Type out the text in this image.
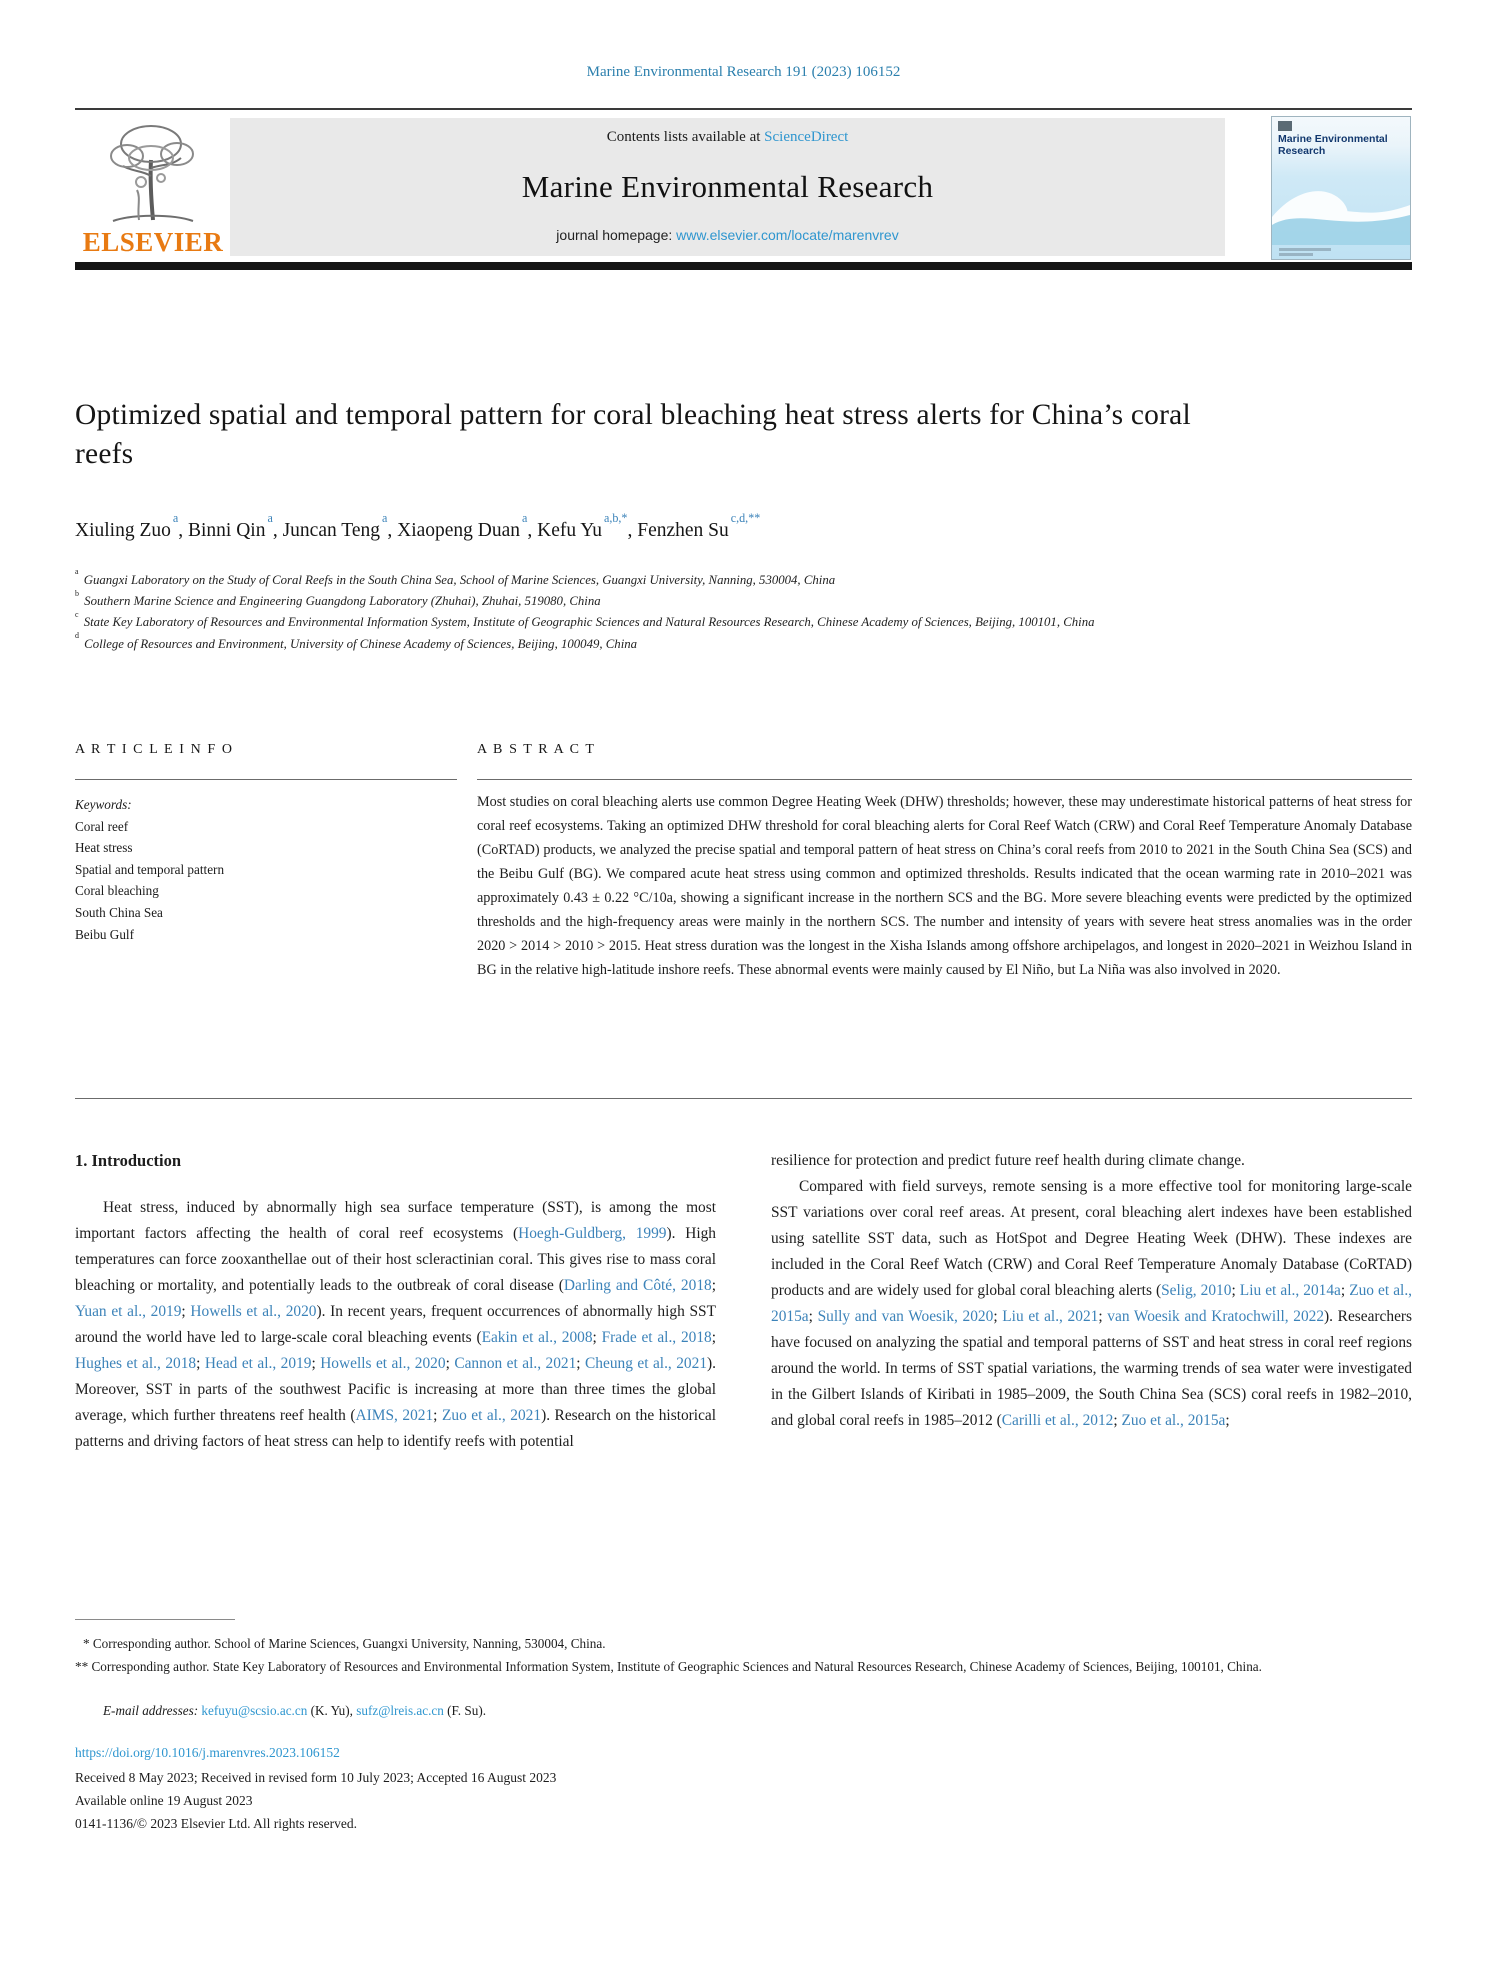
Marine Environmental Research 191 (2023) 106152
ELSEVIER
Contents lists available at ScienceDirect
Marine Environmental Research
journal homepage: www.elsevier.com/locate/marenvrev
Marine Environmental Research
Optimized spatial and temporal pattern for coral bleaching heat stress alerts for China’s coral reefs
Xiuling Zuo$^a$, Binni Qin$^a$, Juncan Teng$^a$, Xiaopeng Duan$^a$, Kefu Yu$^{a,b,*}$, Fenzhen Su$^{c,d,**}$
$^a$ Guangxi Laboratory on the Study of Coral Reefs in the South China Sea, School of Marine Sciences, Guangxi University, Nanning, 530004, China
$^b$ Southern Marine Science and Engineering Guangdong Laboratory (Zhuhai), Zhuhai, 519080, China
$^c$ State Key Laboratory of Resources and Environmental Information System, Institute of Geographic Sciences and Natural Resources Research, Chinese Academy of Sciences, Beijing, 100101, China
$^d$ College of Resources and Environment, University of Chinese Academy of Sciences, Beijing, 100049, China
A R T I C L E I N F O	A B S T R A C T
Keywords:
Coral reef
Heat stress
Spatial and temporal pattern
Coral bleaching
South China Sea
Beibu Gulf
Most studies on coral bleaching alerts use common Degree Heating Week (DHW) thresholds; however, these may underestimate historical patterns of heat stress for coral reef ecosystems. Taking an optimized DHW threshold for coral bleaching alerts for Coral Reef Watch (CRW) and Coral Reef Temperature Anomaly Database (CoRTAD) products, we analyzed the precise spatial and temporal pattern of heat stress on China’s coral reefs from 2010 to 2021 in the South China Sea (SCS) and the Beibu Gulf (BG). We compared acute heat stress using common and optimized thresholds. Results indicated that the ocean warming rate in 2010–2021 was approximately 0.43 ± 0.22 °C/10a, showing a significant increase in the northern SCS and the BG. More severe bleaching events were predicted by the optimized thresholds and the high-frequency areas were mainly in the northern SCS. The number and intensity of years with severe heat stress anomalies was in the order 2020 > 2014 > 2010 > 2015. Heat stress duration was the longest in the Xisha Islands among offshore archipelagos, and longest in 2020–2021 in Weizhou Island in BG in the relative high-latitude inshore reefs. These abnormal events were mainly caused by El Niño, but La Niña was also involved in 2020.
1. Introduction

Heat stress, induced by abnormally high sea surface temperature (SST), is among the most important factors affecting the health of coral reef ecosystems (Hoegh-Guldberg, 1999). High temperatures can force zooxanthellae out of their host scleractinian coral. This gives rise to mass coral bleaching or mortality, and potentially leads to the outbreak of coral disease (Darling and Côté, 2018; Yuan et al., 2019; Howells et al., 2020). In recent years, frequent occurrences of abnormally high SST around the world have led to large-scale coral bleaching events (Eakin et al., 2008; Frade et al., 2018; Hughes et al., 2018; Head et al., 2019; Howells et al., 2020; Cannon et al., 2021; Cheung et al., 2021). Moreover, SST in parts of the southwest Pacific is increasing at more than three times the global average, which further threatens reef health (AIMS, 2021; Zuo et al., 2021). Research on the historical patterns and driving factors of heat stress can help to identify reefs with potential

resilience for protection and predict future reef health during climate change.

Compared with field surveys, remote sensing is a more effective tool for monitoring large-scale SST variations over coral reef areas. At present, coral bleaching alert indexes have been established using satellite SST data, such as HotSpot and Degree Heating Week (DHW). These indexes are included in the Coral Reef Watch (CRW) and Coral Reef Temperature Anomaly Database (CoRTAD) products and are widely used for global coral bleaching alerts (Selig, 2010; Liu et al., 2014a; Zuo et al., 2015a; Sully and van Woesik, 2020; Liu et al., 2021; van Woesik and Kratochwill, 2022). Researchers have focused on analyzing the spatial and temporal patterns of SST and heat stress in coral reef regions around the world. In terms of SST spatial variations, the warming trends of sea water were investigated in the Gilbert Islands of Kiribati in 1985–2009, the South China Sea (SCS) coral reefs in 1982–2010, and global coral reefs in 1985–2012 (Carilli et al., 2012; Zuo et al., 2015a;

* Corresponding author. School of Marine Sciences, Guangxi University, Nanning, 530004, China.
** Corresponding author. State Key Laboratory of Resources and Environmental Information System, Institute of Geographic Sciences and Natural Resources Research, Chinese Academy of Sciences, Beijing, 100101, China.
E-mail addresses: kefuyu@scsio.ac.cn (K. Yu), sufz@lreis.ac.cn (F. Su).
https://doi.org/10.1016/j.marenvres.2023.106152
Received 8 May 2023; Received in revised form 10 July 2023; Accepted 16 August 2023
Available online 19 August 2023
0141-1136/© 2023 Elsevier Ltd. All rights reserved.
